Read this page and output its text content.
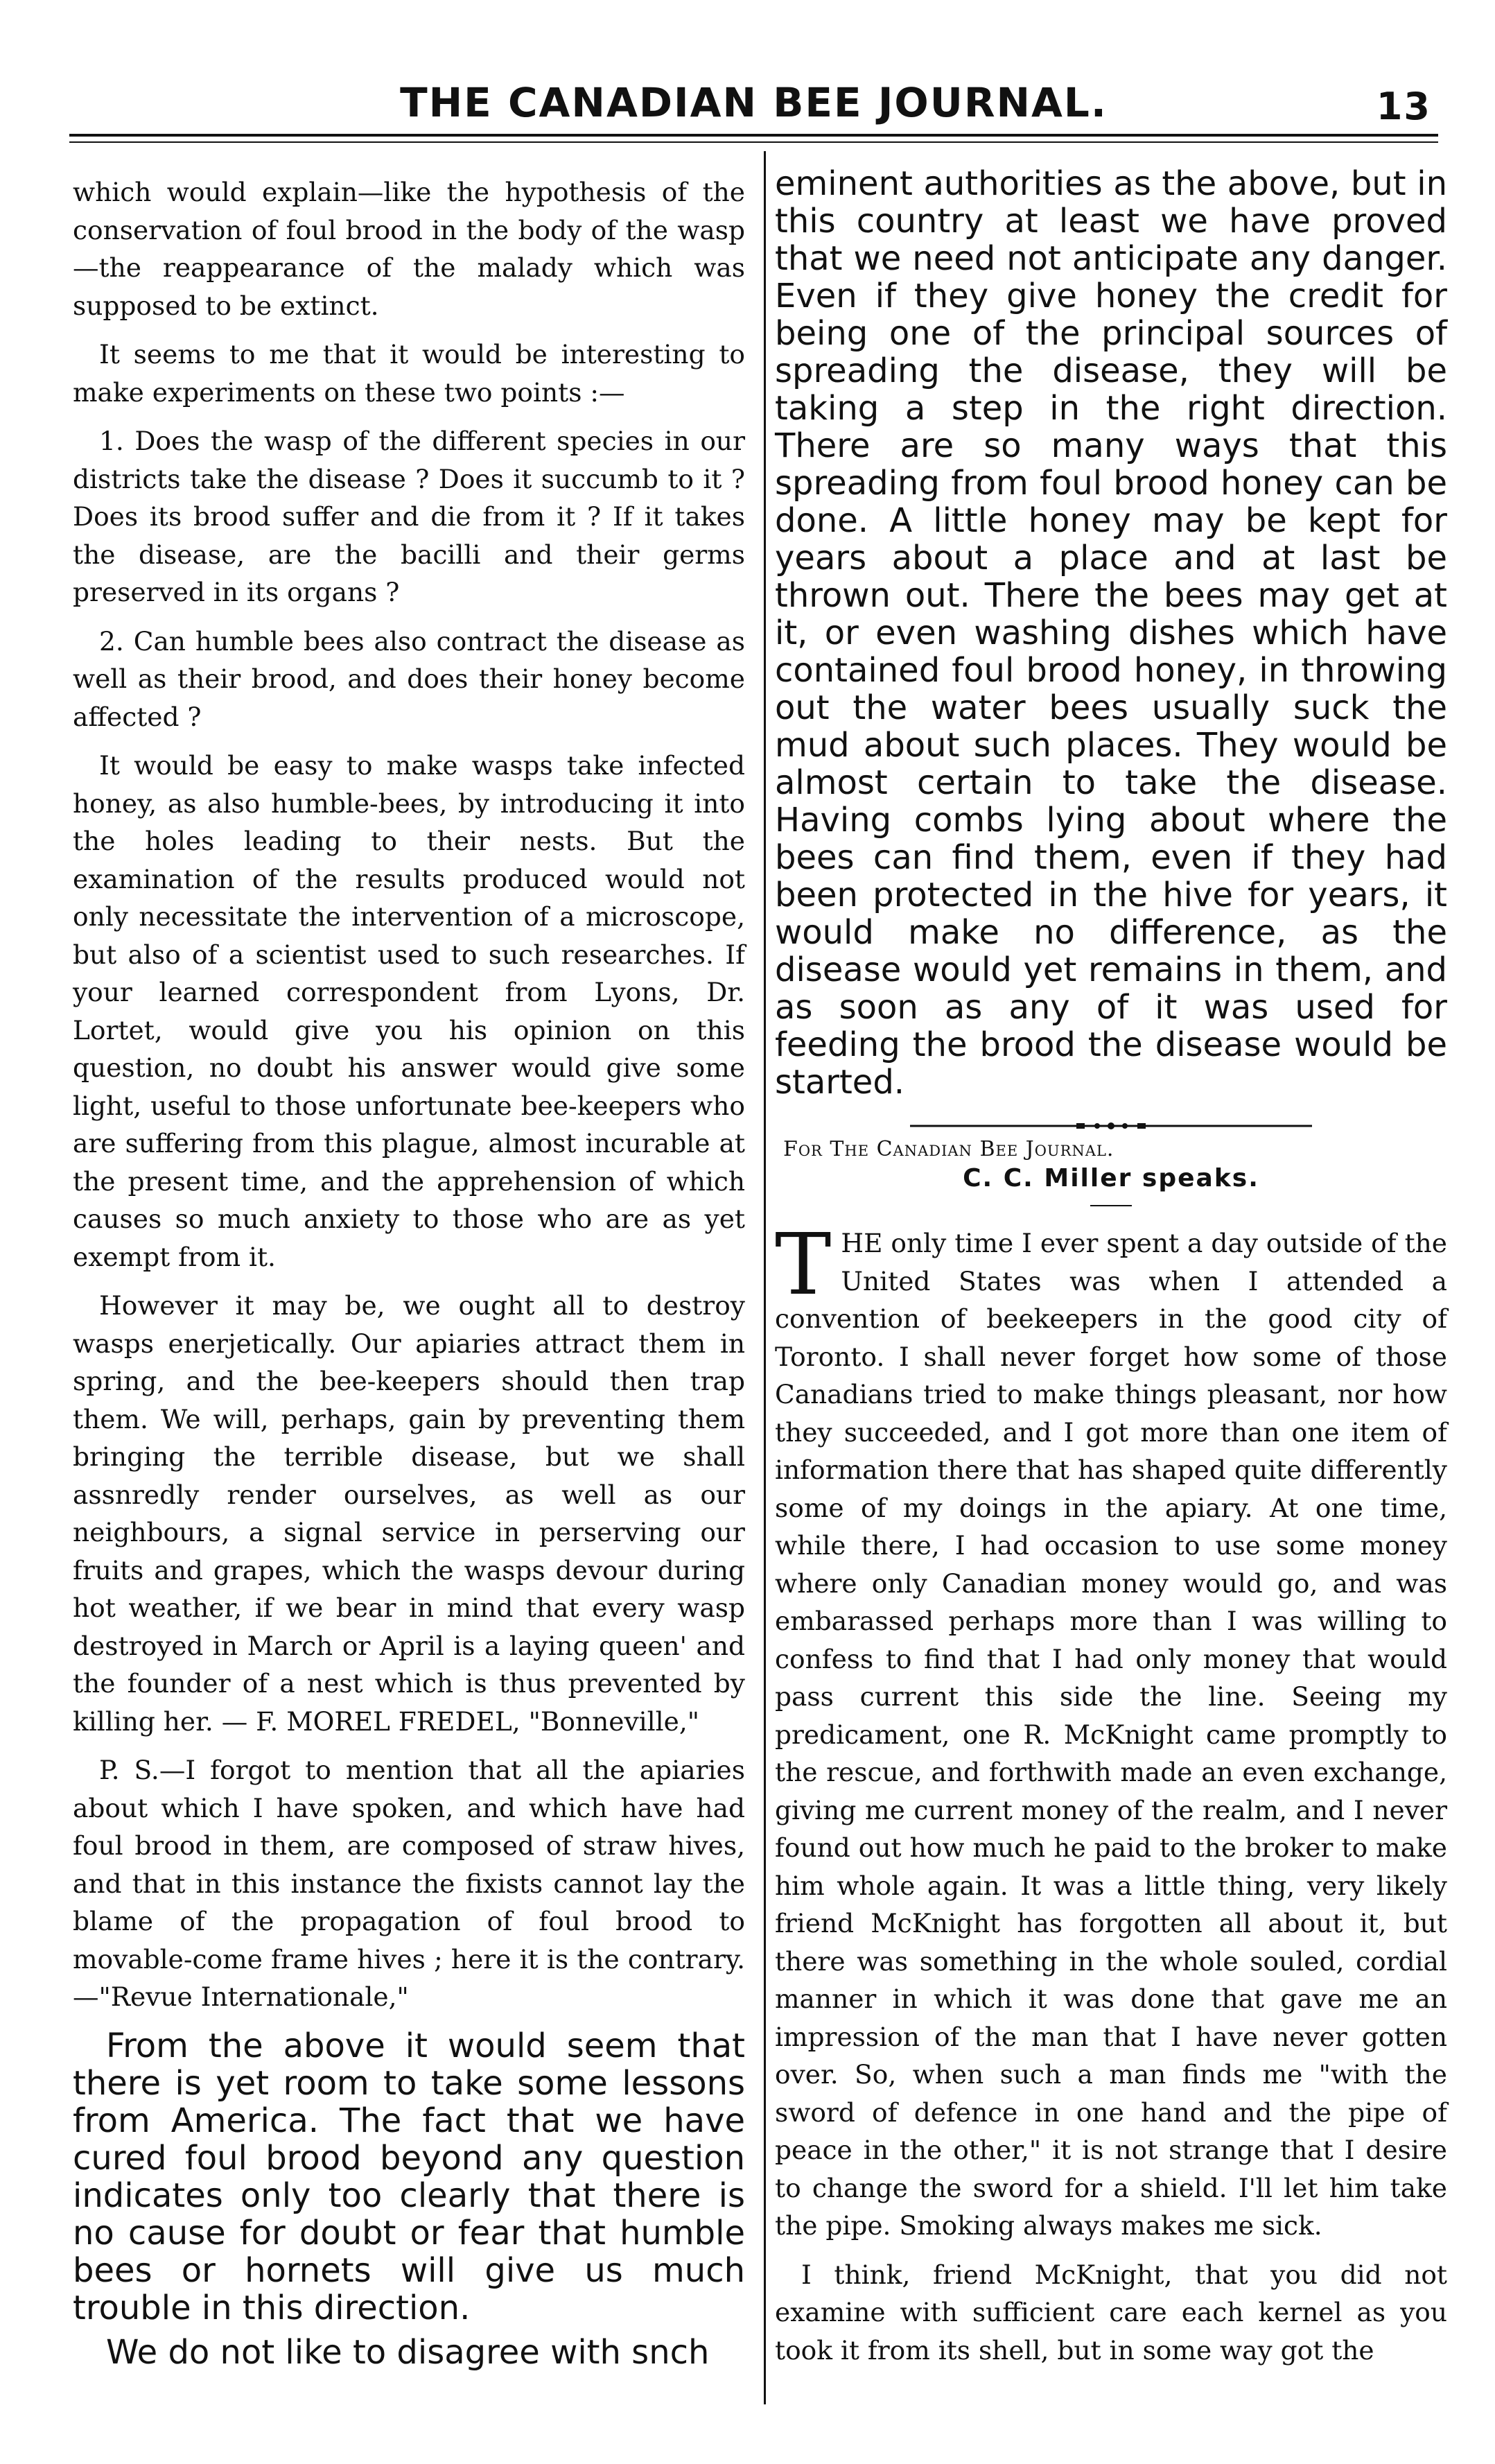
THE CANADIAN BEE JOURNAL.	13

which would explain—like the hypothesis of the conservation of foul brood in the body of the wasp—the reappearance of the malady which was supposed to be extinct.

It seems to me that it would be interesting to make experiments on these two points :—

1. Does the wasp of the different species in our districts take the disease ? Does it succumb to it ? Does its brood suffer and die from it ? If it takes the disease, are the bacilli and their germs preserved in its organs ?

2. Can humble bees also contract the disease as well as their brood, and does their honey become affected ?

It would be easy to make wasps take infected honey, as also humble-bees, by introducing it into the holes leading to their nests. But the examination of the results produced would not only necessitate the intervention of a microscope, but also of a scientist used to such researches. If your learned correspondent from Lyons, Dr. Lortet, would give you his opinion on this question, no doubt his answer would give some light, useful to those unfortunate bee-keepers who are suffering from this plague, almost incurable at the present time, and the apprehension of which causes so much anxiety to those who are as yet exempt from it.

However it may be, we ought all to destroy wasps enerjetically. Our apiaries attract them in spring, and the bee-keepers should then trap them. We will, perhaps, gain by preventing them bringing the terrible disease, but we shall assnredly render ourselves, as well as our neighbours, a signal service in perserving our fruits and grapes, which the wasps devour during hot weather, if we bear in mind that every wasp destroyed in March or April is a laying queen' and the founder of a nest which is thus prevented by killing her. — F. MOREL FREDEL, "Bonneville,"

P. S.—I forgot to mention that all the apiaries about which I have spoken, and which have had foul brood in them, are composed of straw hives, and that in this instance the fixists cannot lay the blame of the propagation of foul brood to movable-come frame hives ; here it is the contrary.—"Revue Internationale,"

From the above it would seem that there is yet room to take some lessons from America. The fact that we have cured foul brood beyond any question indicates only too clearly that there is no cause for doubt or fear that humble bees or hornets will give us much trouble in this direction.

We do not like to disagree with snch

eminent authorities as the above, but in this country at least we have proved that we need not anticipate any danger. Even if they give honey the credit for being one of the principal sources of spreading the disease, they will be taking a step in the right direction. There are so many ways that this spreading from foul brood honey can be done. A little honey may be kept for years about a place and at last be thrown out. There the bees may get at it, or even washing dishes which have contained foul brood honey, in throwing out the water bees usually suck the mud about such places. They would be almost certain to take the disease. Having combs lying about where the bees can find them, even if they had been protected in the hive for years, it would make no difference, as the disease would yet remains in them, and as soon as any of it was used for feeding the brood the disease would be started.

For The Canadian Bee Journal.
C. C. Miller speaks.

THE only time I ever spent a day outside of the United States was when I attended a convention of beekeepers in the good city of Toronto. I shall never forget how some of those Canadians tried to make things pleasant, nor how they succeeded, and I got more than one item of information there that has shaped quite differently some of my doings in the apiary. At one time, while there, I had occasion to use some money where only Canadian money would go, and was embarassed perhaps more than I was willing to confess to find that I had only money that would pass current this side the line. Seeing my predicament, one R. McKnight came promptly to the rescue, and forthwith made an even exchange, giving me current money of the realm, and I never found out how much he paid to the broker to make him whole again. It was a little thing, very likely friend McKnight has forgotten all about it, but there was something in the whole souled, cordial manner in which it was done that gave me an impression of the man that I have never gotten over. So, when such a man finds me "with the sword of defence in one hand and the pipe of peace in the other," it is not strange that I desire to change the sword for a shield. I'll let him take the pipe. Smoking always makes me sick.

I think, friend McKnight, that you did not examine with sufficient care each kernel as you took it from its shell, but in some way got the
